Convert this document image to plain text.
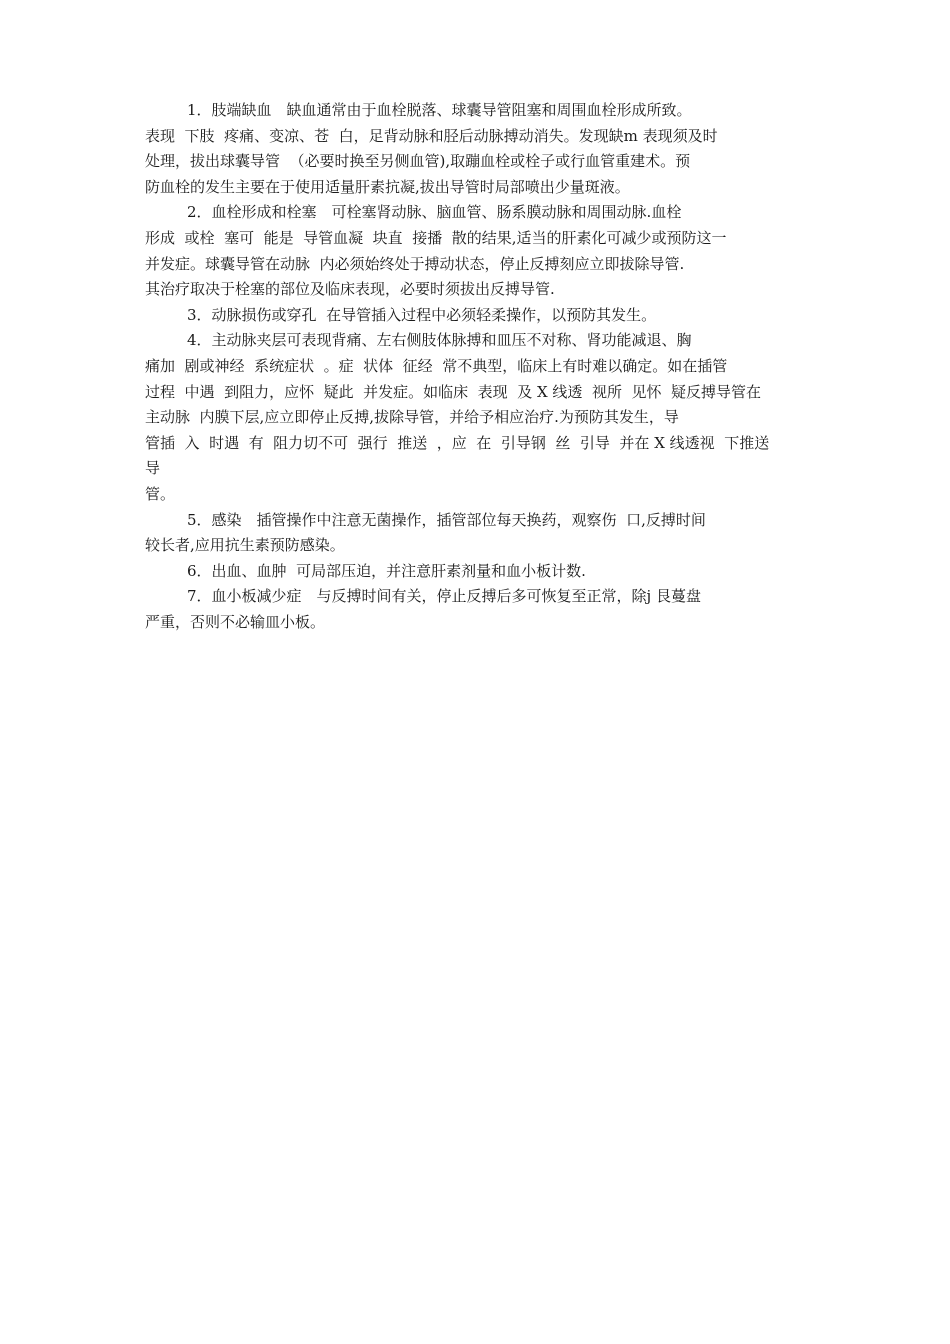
1．肢端缺血　缺血通常由于血栓脱落、球囊导管阻塞和周围血栓形成所致。
表现  下肢  疼痛、变凉、苍  白，足背动脉和胫后动脉搏动消失。发现缺m 表现须及时
处理，拔出球囊导管  （必要时换至另侧血管),取蹦血栓或栓子或行血管重建术。预
防血栓的发生主要在于使用适量肝素抗凝,拔出导管时局部喷出少量斑液。
2．血栓形成和栓塞　可栓塞肾动脉、脑血管、肠系膜动脉和周围动脉.血栓
形成  或栓  塞可  能是  导管血凝  块直  接播  散的结果,适当的肝素化可减少或预防这一
并发症。球囊导管在动脉  内必须始终处于搏动状态，停止反搏刻应立即拔除导管.
其治疗取决于栓塞的部位及临床表现，必要时须拔出反搏导管.
3．动脉损伤或穿孔  在导管插入过程中必须轻柔操作，以预防其发生。
4．主动脉夹层可表现背痛、左右侧肢体脉搏和皿压不对称、肾功能减退、胸
痛加  剧或神经  系统症状  。症  状体  征经  常不典型，临床上有时难以确定。如在插管
过程  中遇  到阻力，应怀  疑此  并发症。如临床  表现  及 X 线透  视所  见怀  疑反搏导管在
主动脉  内膜下层,应立即停止反搏,拔除导管，并给予相应治疗.为预防其发生，导
管插  入  时遇  有  阻力切不可  强行  推送  ，应  在  引导钢  丝  引导  并在 X 线透视  下推送
导
管。
5．感染　插管操作中注意无菌操作，插管部位每天换药，观察伤  口,反搏时间
较长者,应用抗生素预防感染。
6．出血、血肿  可局部压迫，并注意肝素剂量和血小板计数.
7．血小板减少症　与反搏时间有关，停止反搏后多可恢复至正常，除j 艮蔓盘
严重，否则不必输皿小板。
